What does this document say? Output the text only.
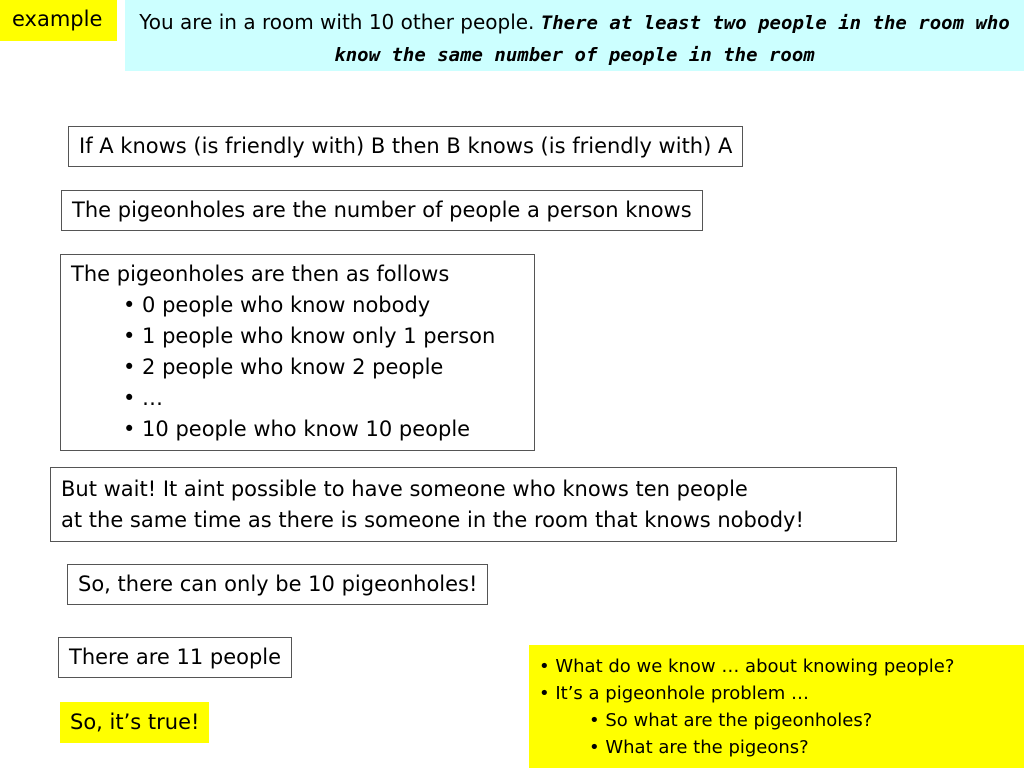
example	You are in a room with 10 other people. There at least two people in the room who know the same number of people in the room
If A knows (is friendly with) B then B knows (is friendly with) A
The pigeonholes are the number of people a person knows
The pigeonholes are then as follows
• 0 people who know nobody
• 1 people who know only 1 person
• 2 people who know 2 people
• …
• 10 people who know 10 people
But wait! It aint possible to have someone who knows ten people
at the same time as there is someone in the room that knows nobody!
So, there can only be 10 pigeonholes!
There are 11 people
So, it’s true!
• What do we know … about knowing people?
• It’s a pigeonhole problem …
• So what are the pigeonholes?
• What are the pigeons?
